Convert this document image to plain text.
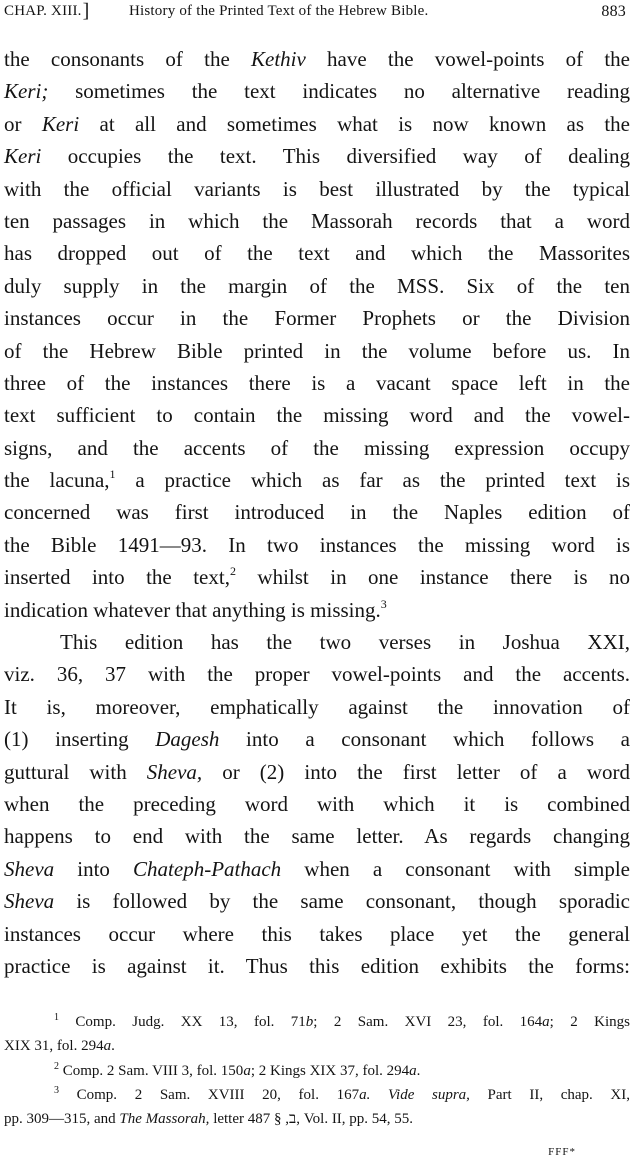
CHAP. XIII.]	History of the Printed Text of the Hebrew Bible.	883
the consonants of the Kethiv have the vowel-points of the
Keri; sometimes the text indicates no alternative reading
or Keri at all and sometimes what is now known as the
Keri occupies the text. This diversified way of dealing
with the official variants is best illustrated by the typical
ten passages in which the Massorah records that a word
has dropped out of the text and which the Massorites
duly supply in the margin of the MSS. Six of the ten
instances occur in the Former Prophets or the Division
of the Hebrew Bible printed in the volume before us. In
three of the instances there is a vacant space left in the
text sufficient to contain the missing word and the vowel-
signs, and the accents of the missing expression occupy
the lacuna,$^1$ a practice which as far as the printed text is
concerned was first introduced in the Naples edition of
the Bible 1491—93. In two instances the missing word is
inserted into the text,$^2$ whilst in one instance there is no
indication whatever that anything is missing.$^3$
This edition has the two verses in Joshua XXI,
viz. 36, 37 with the proper vowel-points and the accents.
It is, moreover, emphatically against the innovation of
(1) inserting Dagesh into a consonant which follows a
guttural with Sheva, or (2) into the first letter of a word
when the preceding word with which it is combined
happens to end with the same letter. As regards changing
Sheva into Chateph-Pathach when a consonant with simple
Sheva is followed by the same consonant, though sporadic
instances occur where this takes place yet the general
practice is against it. Thus this edition exhibits the forms:
$^1$ Comp. Judg. XX 13, fol. 71b; 2 Sam. XVI 23, fol. 164a; 2 Kings
XIX 31, fol. 294a.
$^2$ Comp. 2 Sam. VIII 3, fol. 150a; 2 Kings XIX 37, fol. 294a.
$^3$ Comp. 2 Sam. XVIII 20, fol. 167a. Vide supra, Part II, chap. XI,
pp. 309—315, and The Massorah, letter ב, § 487, Vol. II, pp. 54, 55.
FFF*
